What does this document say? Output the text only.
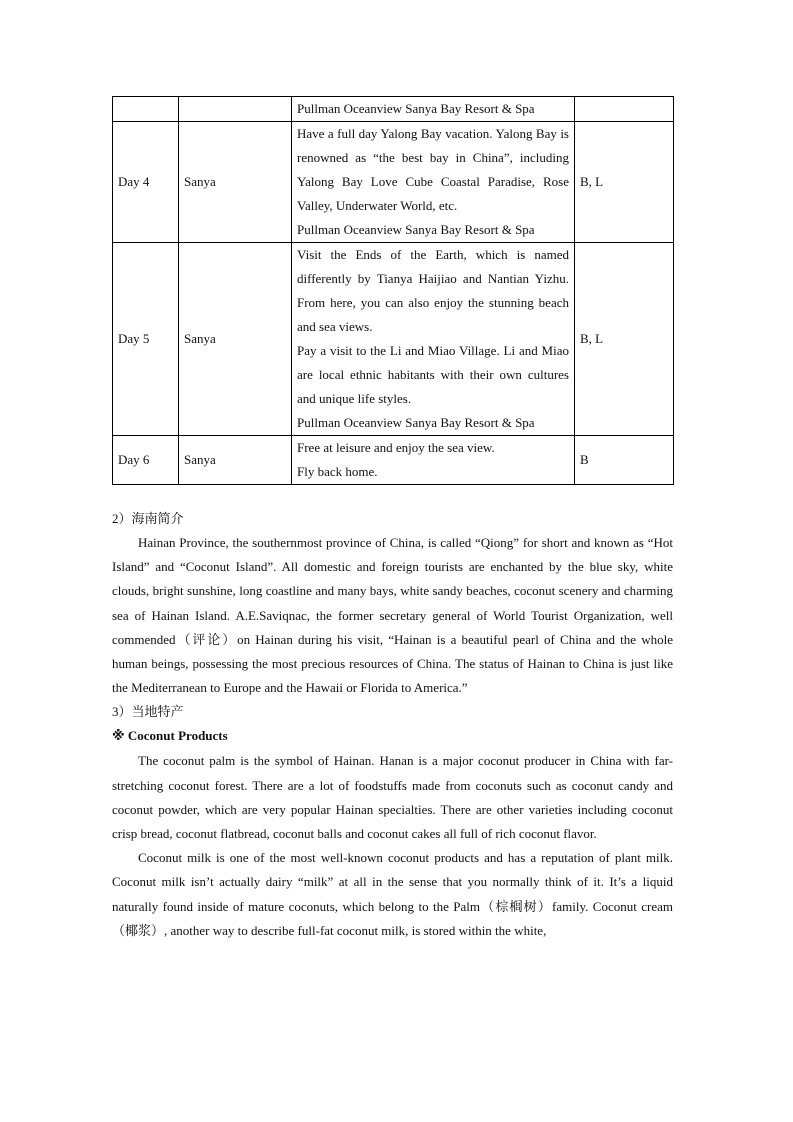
		Pullman Oceanview Sanya Bay Resort & Spa	

Day 4	Sanya	Have a full day Yalong Bay vacation. Yalong Bay is renowned as “the best bay in China”, including Yalong Bay Love Cube Coastal Paradise, Rose Valley, Underwater World, etc.
Pullman Oceanview Sanya Bay Resort & Spa	B, L
Day 5	Sanya	Visit the Ends of the Earth, which is named differently by Tianya Haijiao and Nantian Yizhu. From here, you can also enjoy the stunning beach and sea views.
Pay a visit to the Li and Miao Village. Li and Miao are local ethnic habitants with their own cultures and unique life styles.
Pullman Oceanview Sanya Bay Resort & Spa	B, L
Day 6	Sanya	Free at leisure and enjoy the sea view.
Fly back home.	B
2）海南简介

Hainan Province, the southernmost province of China, is called “Qiong” for short and known as “Hot Island” and “Coconut Island”. All domestic and foreign tourists are enchanted by the blue sky, white clouds, bright sunshine, long coastline and many bays, white sandy beaches, coconut scenery and charming sea of Hainan Island. A.E.Saviqnac, the former secretary general of World Tourist Organization, well commended（评论）on Hainan during his visit, “Hainan is a beautiful pearl of China and the whole human beings, possessing the most precious resources of China. The status of Hainan to China is just like the Mediterranean to Europe and the Hawaii or Florida to America.”

3）当地特产
※ Coconut Products

The coconut palm is the symbol of Hainan. Hanan is a major coconut producer in China with far-stretching coconut forest. There are a lot of foodstuffs made from coconuts such as coconut candy and coconut powder, which are very popular Hainan specialties. There are other varieties including coconut crisp bread, coconut flatbread, coconut balls and coconut cakes all full of rich coconut flavor.

Coconut milk is one of the most well-known coconut products and has a reputation of plant milk. Coconut milk isn’t actually dairy “milk” at all in the sense that you normally think of it. It’s a liquid naturally found inside of mature coconuts, which belong to the Palm（棕榈树）family. Coconut cream（椰浆）, another way to describe full-fat coconut milk, is stored within the white,
